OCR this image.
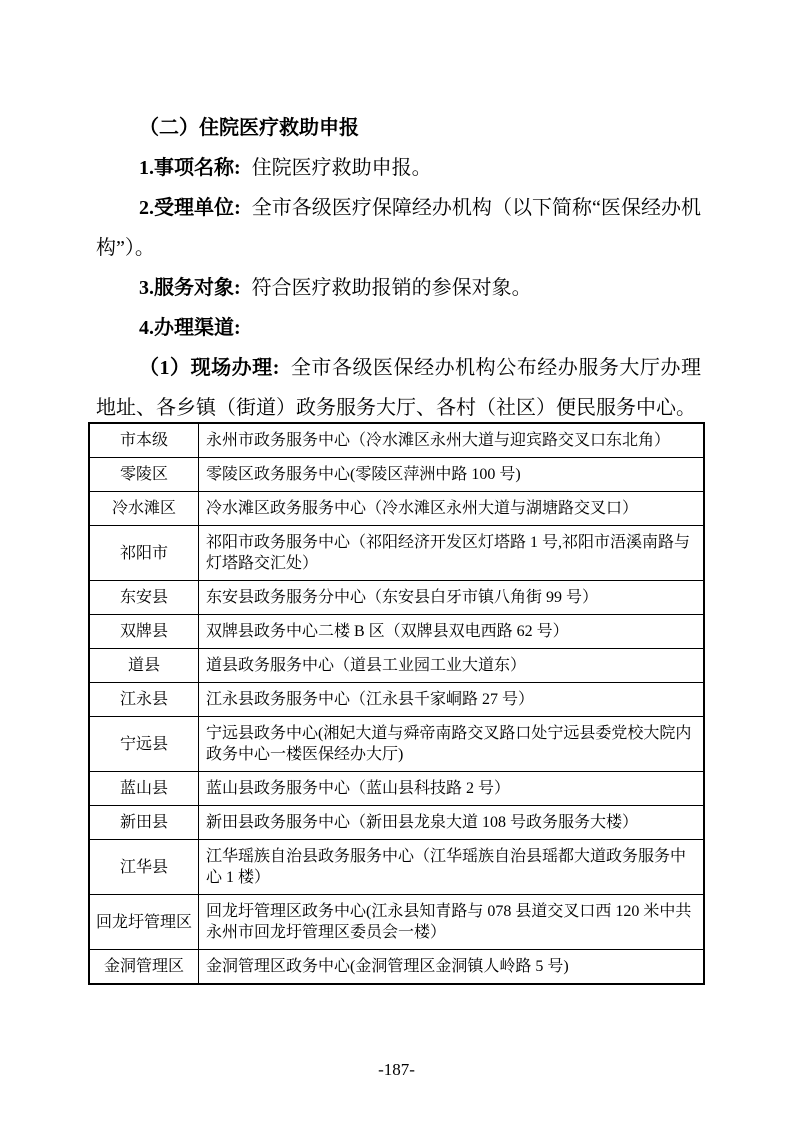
（二）住院医疗救助申报

1.事项名称: 住院医疗救助申报。

2.受理单位: 全市各级医疗保障经办机构（以下简称“医保经办机构”）。

3.服务对象: 符合医疗救助报销的参保对象。

4.办理渠道:

（1）现场办理: 全市各级医保经办机构公布经办服务大厅办理地址、各乡镇（街道）政务服务大厅、各村（社区）便民服务中心。

市本级	永州市政务服务中心（冷水滩区永州大道与迎宾路交叉口东北角）
零陵区	零陵区政务服务中心(零陵区萍洲中路 100 号)
冷水滩区	冷水滩区政务服务中心（冷水滩区永州大道与湖塘路交叉口）
祁阳市	祁阳市政务服务中心（祁阳经济开发区灯塔路 1 号,祁阳市浯溪南路与灯塔路交汇处）
东安县	东安县政务服务分中心（东安县白牙市镇八角街 99 号）
双牌县	双牌县政务中心二楼 B 区（双牌县双电西路 62 号）
道县	道县政务服务中心（道县工业园工业大道东）
江永县	江永县政务服务中心（江永县千家峒路 27 号）
宁远县	宁远县政务中心(湘妃大道与舜帝南路交叉路口处宁远县委党校大院内政务中心一楼医保经办大厅)
蓝山县	蓝山县政务服务中心（蓝山县科技路 2 号）
新田县	新田县政务服务中心（新田县龙泉大道 108 号政务服务大楼）
江华县	江华瑶族自治县政务服务中心（江华瑶族自治县瑶都大道政务服务中心 1 楼）
回龙圩管理区	回龙圩管理区政务中心(江永县知青路与 078 县道交叉口西 120 米中共永州市回龙圩管理区委员会一楼）
金洞管理区	金洞管理区政务中心(金洞管理区金洞镇人岭路 5 号)
-187-
